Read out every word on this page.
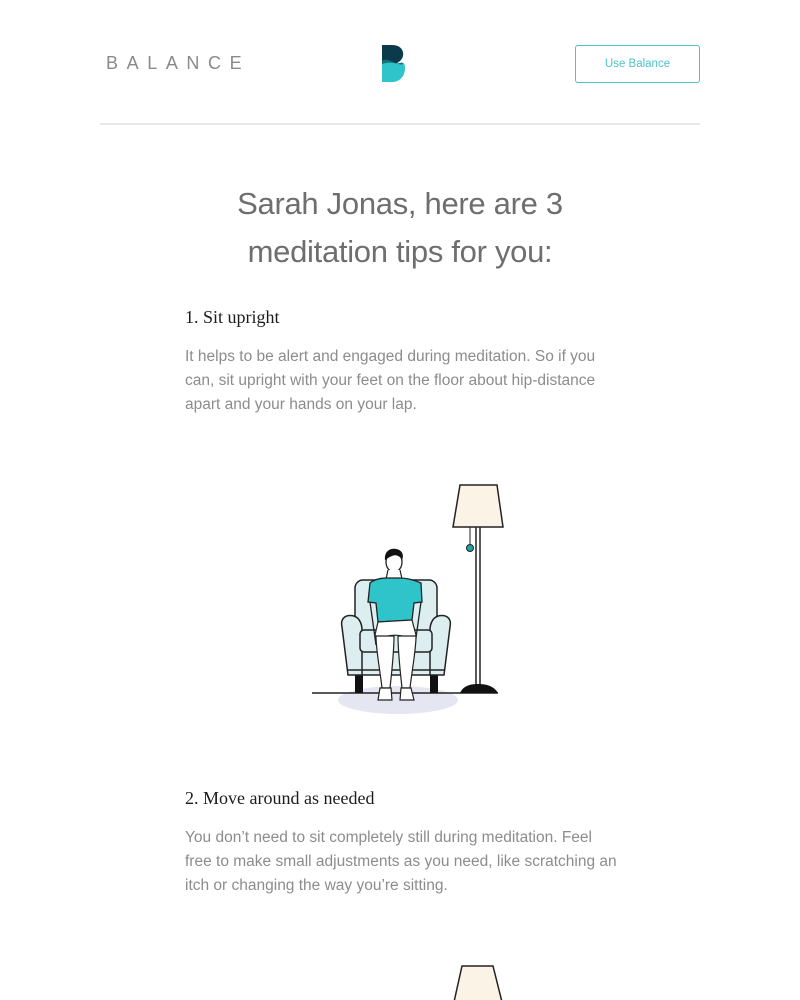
BALANCE	Use Balance
Sarah Jonas, here are 3 meditation tips for you:
1. Sit upright
It helps to be alert and engaged during meditation. So if you can, sit upright with your feet on the floor about hip-distance apart and your hands on your lap.
2. Move around as needed
You don’t need to sit completely still during meditation. Feel free to make small adjustments as you need, like scratching an itch or changing the way you’re sitting.
